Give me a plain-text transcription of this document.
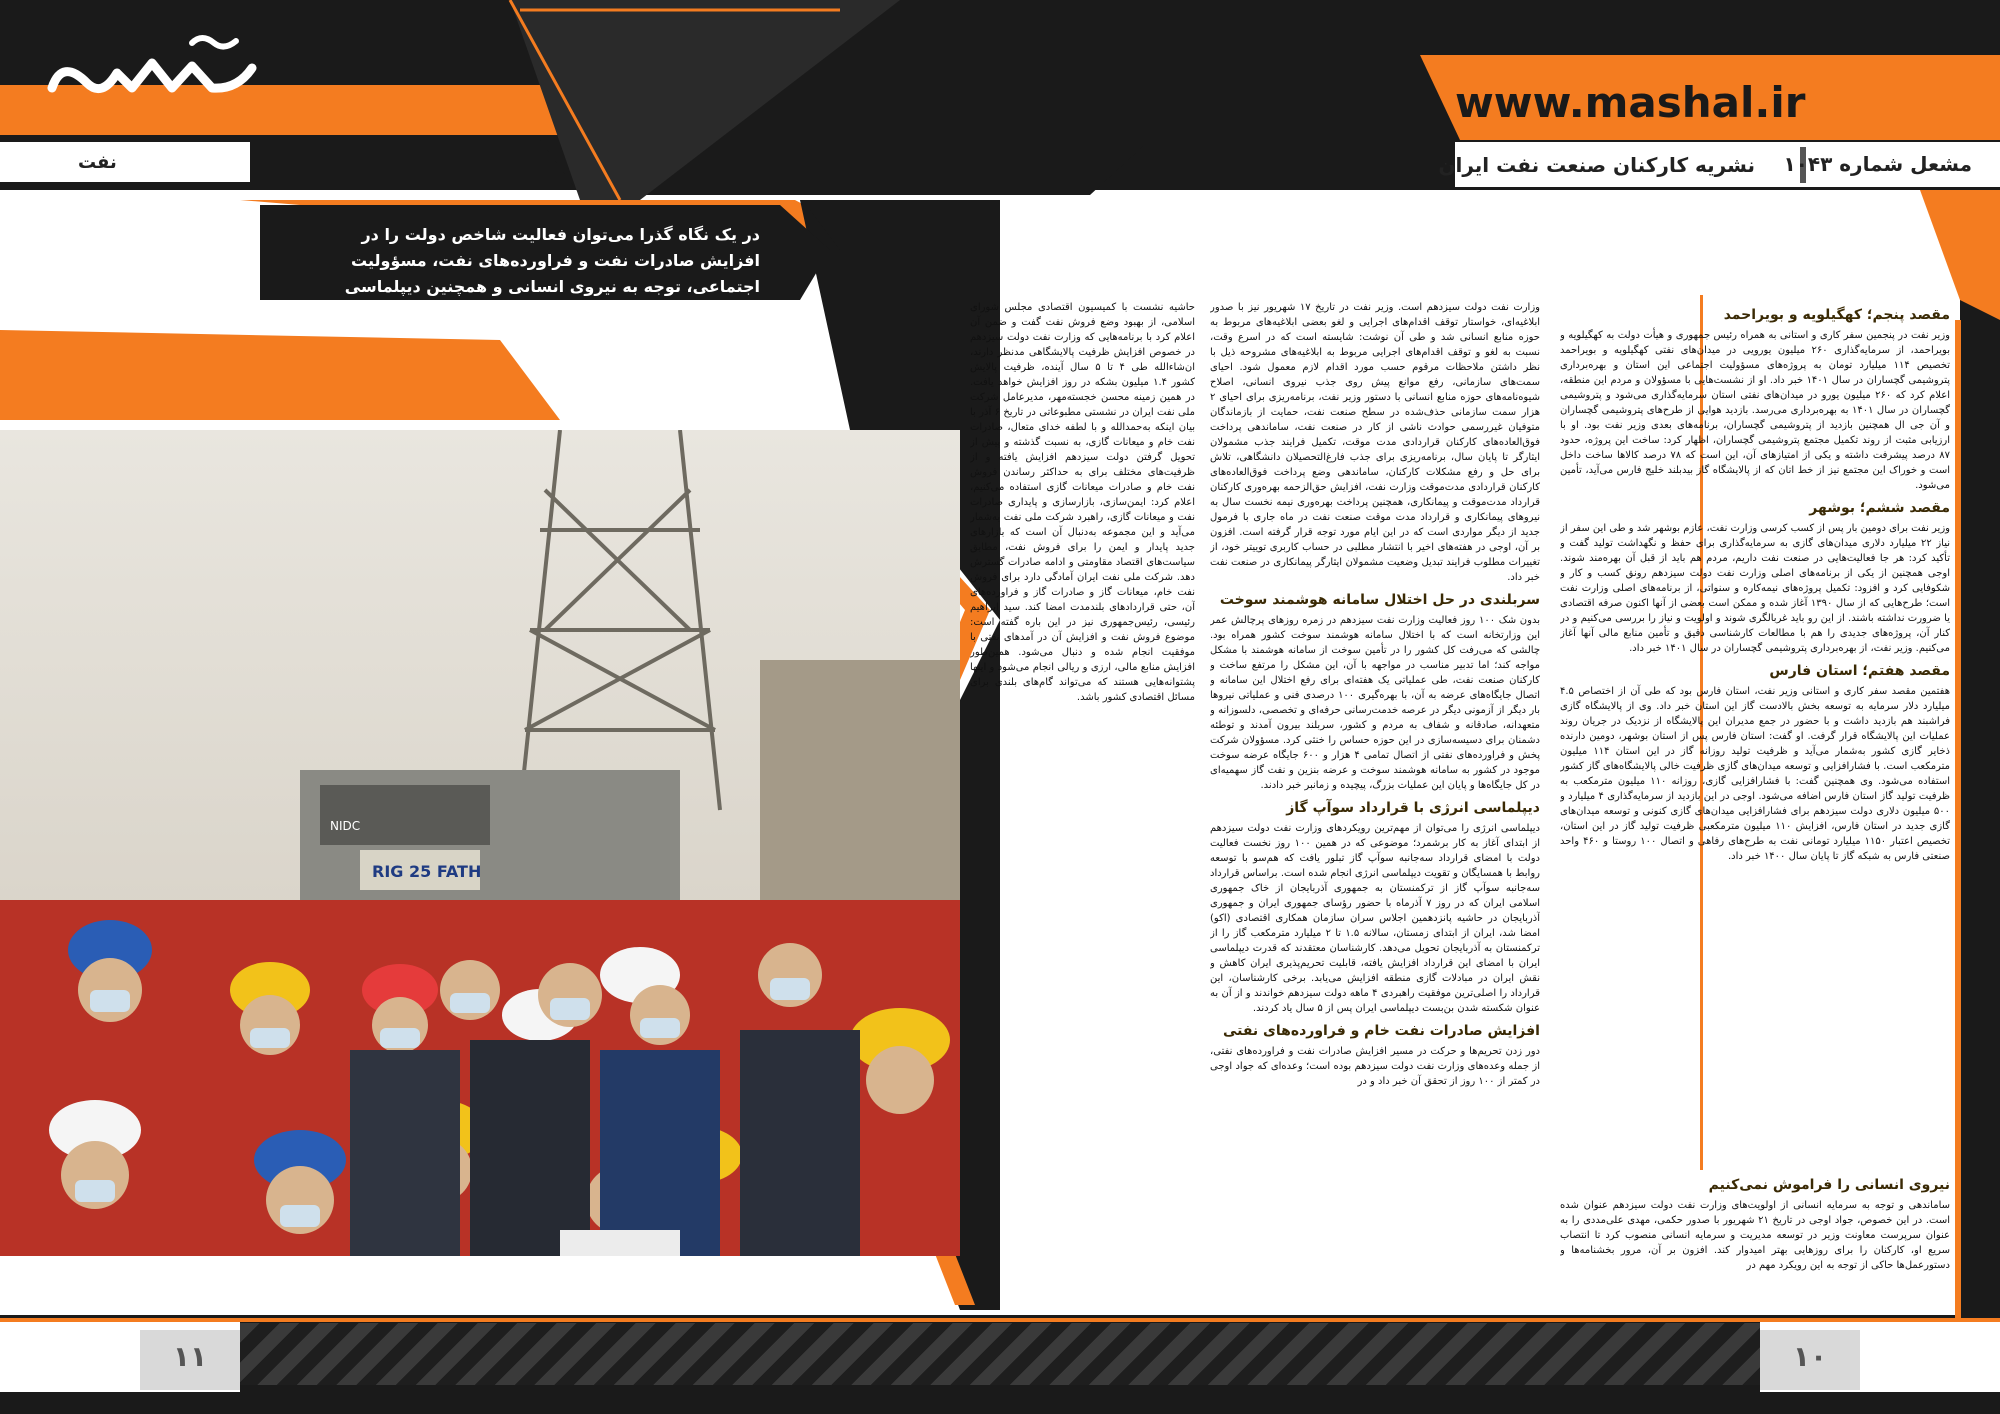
www.mashal.ir
مشعل شماره ۱۰۴۳
نشریه کارکنان صنعت نفت ایران
نفت
در یک نگاه گذرا می‌توان فعالیت شاخص دولت را در افزایش صادرات نفت و فراورده‌های نفت، مسؤولیت اجتماعی، توجه به نیروی انسانی و همچنین دیپلماسی انرژی قابل توجه خواند
RIG 25 FATH
NIDC
مقصد پنجم؛ کهگیلویه و بویراحمد

وزیر نفت در پنجمین سفر کاری و استانی به همراه رئیس جمهوری و هیأت دولت به کهگیلویه و بویراحمد، از سرمایه‌گذاری ۲۶۰ میلیون یورویی در میدان‌های نفتی کهگیلویه و بویراحمد تخصیص ۱۱۴ میلیارد تومان به پروژه‌های مسؤولیت اجتماعی این استان و بهره‌برداری پتروشیمی گچساران در سال ۱۴۰۱ خبر داد. او از نشست‌هایی با مسؤولان و مردم این منطقه، اعلام کرد که ۲۶۰ میلیون یورو در میدان‌های نفتی استان سرمایه‌گذاری می‌شود و پتروشیمی گچساران در سال ۱۴۰۱ به بهره‌برداری می‌رسد. بازدید هوایی از طرح‌های پتروشیمی گچساران و آن جی ال همچنین بازدید از پتروشیمی گچساران، برنامه‌های بعدی وزیر نفت بود. او با ارزیابی مثبت از روند تکمیل مجتمع پتروشیمی گچساران، اظهار کرد: ساخت این پروژه، حدود ۸۷ درصد پیشرفت داشته و یکی از امتیازهای آن، این است که ۷۸ درصد کالاها ساخت داخل است و خوراک این مجتمع نیز از خط اتان که از پالایشگاه گاز بیدبلند خلیج فارس می‌آید، تأمین می‌شود.

مقصد ششم؛ بوشهر

وزیر نفت برای دومین بار پس از کسب کرسی وزارت نفت، عازم بوشهر شد و طی این سفر از نیاز ۲۲ میلیارد دلاری میدان‌های گازی به سرمایه‌گذاری برای حفظ و نگهداشت تولید گفت و تأکید کرد: هر جا فعالیت‌هایی در صنعت نفت داریم، مردم هم باید از قبل آن بهره‌مند شوند. اوجی همچنین از یکی از برنامه‌های اصلی وزارت نفت دولت سیزدهم رونق کسب و کار و شکوفایی کرد و افزود: تکمیل پروژه‌های نیمه‌کاره و سنواتی، از برنامه‌های اصلی وزارت نفت است؛ طرح‌هایی که از سال ۱۳۹۰ آغاز شده و ممکن است بعضی از آنها اکنون صرفه اقتصادی یا ضرورت نداشته باشند. از این رو باید غربالگری شوند و اولویت و نیاز را بررسی می‌کنیم و در کنار آن، پروژه‌های جدیدی را هم با مطالعات کارشناسی دقیق و تأمین منابع مالی آنها آغاز می‌کنیم. وزیر نفت، از بهره‌برداری پتروشیمی گچساران در سال ۱۴۰۱ خبر داد.

مقصد هفتم؛ استان فارس

هفتمین مقصد سفر کاری و استانی وزیر نفت، استان فارس بود که طی آن از اختصاص ۴.۵ میلیارد دلار سرمایه به توسعه بخش بالادست گاز این استان خبر داد. وی از پالایشگاه گازی فراشبند هم بازدید داشت و با حضور در جمع مدیران این پالایشگاه از نزدیک در جریان روند عملیات این پالایشگاه قرار گرفت. او گفت: استان فارس پس از استان بوشهر، دومین دارنده ذخایر گازی کشور به‌شمار می‌آید و ظرفیت تولید روزانه گاز در این استان ۱۱۴ میلیون مترمکعب است. با فشارافزایی و توسعه میدان‌های گازی ظرفیت خالی پالایشگاه‌های گاز کشور استفاده می‌شود. وی همچنین گفت: با فشارافزایی گازی، روزانه ۱۱۰ میلیون مترمکعب به ظرفیت تولید گاز استان فارس اضافه می‌شود. اوجی در این بازدید از سرمایه‌گذاری ۴ میلیارد و ۵۰۰ میلیون دلاری دولت سیزدهم برای فشارافزایی میدان‌های گازی کنونی و توسعه میدان‌های گازی جدید در استان فارس، افزایش ۱۱۰ میلیون مترمکعبی ظرفیت تولید گاز در این استان، تخصیص اعتبار ۱۱۵۰ میلیارد تومانی نفت به طرح‌های رفاهی و اتصال ۱۰۰ روستا و ۴۶۰ واحد صنعتی فارس به شبکه گاز تا پایان سال ۱۴۰۰ خبر داد.

نیروی انسانی را فراموش نمی‌کنیم

ساماندهی و توجه به سرمایه انسانی از اولویت‌های وزارت نفت دولت سیزدهم عنوان شده است. در این خصوص، جواد اوجی در تاریخ ۲۱ شهریور با صدور حکمی، مهدی علی‌مددی را به عنوان سرپرست معاونت وزیر در توسعه مدیریت و سرمایه انسانی منصوب کرد تا انتصاب سریع او، کارکنان را برای روزهایی بهتر امیدوار کند. افزون بر آن، مرور بخشنامه‌ها و دستورعمل‌ها حاکی از توجه به این رویکرد مهم در

وزارت نفت دولت سیزدهم است. وزیر نفت در تاریخ ۱۷ شهریور نیز با صدور ابلاغیه‌ای، خواستار توقف اقدام‌های اجرایی و لغو بعضی ابلاغیه‌های مربوط به حوزه منابع انسانی شد و طی آن نوشت: شایسته است که در اسرع وقت، نسبت به لغو و توقف اقدام‌های اجرایی مربوط به ابلاغیه‌های مشروحه ذیل با نظر داشتن ملاحظات مرقوم حسب مورد اقدام لازم معمول شود. احیای سمت‌های سازمانی، رفع موانع پیش روی جذب نیروی انسانی، اصلاح شیوه‌نامه‌های حوزه منابع انسانی با دستور وزیر نفت، برنامه‌ریزی برای احیای ۲ هزار سمت سازمانی حذف‌شده در سطح صنعت نفت، حمایت از بازماندگان متوفیان غیررسمی حوادث ناشی از کار در صنعت نفت، ساماندهی پرداخت فوق‌العاده‌های کارکنان قراردادی مدت موقت، تکمیل فرایند جذب مشمولان ایثارگر تا پایان سال، برنامه‌ریزی برای جذب فارغ‌التحصیلان دانشگاهی، تلاش برای حل و رفع مشکلات کارکنان، ساماندهی وضع پرداخت فوق‌العاده‌های کارکنان قراردادی مدت‌موقت وزارت نفت، افزایش حق‌الزحمه بهره‌وری کارکنان قرارداد مدت‌موقت و پیمانکاری، همچنین پرداخت بهره‌وری نیمه نخست سال به نیروهای پیمانکاری و قرارداد مدت موقت صنعت نفت در ماه جاری با فرمول جدید از دیگر مواردی است که در این ایام مورد توجه قرار گرفته است. افزون بر آن، اوجی در هفته‌های اخیر با انتشار مطلبی در حساب کاربری توییتر خود، از تغییرات مطلوب فرایند تبدیل وضعیت مشمولان ایثارگر پیمانکاری در صنعت نفت خبر داد.

سربلندی در حل اختلال سامانه هوشمند سوخت

بدون شک ۱۰۰ روز فعالیت وزارت نفت سیزدهم در زمره روزهای پرچالش عمر این وزارتخانه است که با اختلال سامانه هوشمند سوخت کشور همراه بود. چالشی که می‌رفت کل کشور را در تأمین سوخت از سامانه هوشمند با مشکل مواجه کند؛ اما تدبیر مناسب در مواجهه با آن، این مشکل را مرتفع ساخت و کارکنان صنعت نفت، طی عملیاتی یک هفته‌ای برای رفع اختلال این سامانه و اتصال جایگاه‌های عرضه به آن، با بهره‌گیری ۱۰۰ درصدی فنی و عملیاتی نیروها بار دیگر از آزمونی دیگر در عرصه خدمت‌رسانی حرفه‌ای و تخصصی، دلسوزانه و متعهدانه، صادقانه و شفاف به مردم و کشور، سربلند بیرون آمدند و توطئه دشمنان برای دسیسه‌سازی در این حوزه حساس را خنثی کرد. مسؤولان شرکت پخش و فراورده‌های نفتی از اتصال تمامی ۴ هزار و ۶۰۰ جایگاه عرضه سوخت موجود در کشور به سامانه هوشمند سوخت و عرضه بنزین و نفت گاز سهمیه‌ای در کل جایگاه‌ها و پایان این عملیات بزرگ، پیچیده و زمانبر خبر دادند.

دیپلماسی انرژی با قرارداد سوآپ گاز

دیپلماسی انرژی را می‌توان از مهم‌ترین رویکردهای وزارت نفت دولت سیزدهم از ابتدای آغاز به کار برشمرد؛ موضوعی که در همین ۱۰۰ روز نخست فعالیت دولت با امضای قرارداد سه‌جانبه سوآپ گاز تبلور یافت که هم‌سو با توسعه روابط با همسایگان و تقویت دیپلماسی انرژی انجام شده است. براساس قرارداد سه‌جانبه سوآپ گاز از ترکمنستان به جمهوری آذربایجان از خاک جمهوری اسلامی ایران که در روز ۷ آذرماه با حضور رؤسای جمهوری ایران و جمهوری آذربایجان در حاشیه پانزدهمین اجلاس سران سازمان همکاری اقتصادی (اکو) امضا شد، ایران از ابتدای زمستان، سالانه ۱.۵ تا ۲ میلیارد مترمکعب گاز را از ترکمنستان به آذربایجان تحویل می‌دهد. کارشناسان معتقدند که قدرت دیپلماسی ایران با امضای این قرارداد افزایش یافته، قابلیت تحریم‌پذیری ایران کاهش و نقش ایران در مبادلات گازی منطقه افزایش می‌یابد. برخی کارشناسان، این قرارداد را اصلی‌ترین موفقیت راهبردی ۴ ماهه دولت سیزدهم خواندند و از آن به عنوان شکسته شدن بن‌بست دیپلماسی ایران پس از ۵ سال یاد کردند.

افزایش صادرات نفت خام و فراورده‌های نفتی

دور زدن تحریم‌ها و حرکت در مسیر افزایش صادرات نفت و فراورده‌های نفتی، از جمله وعده‌های وزارت نفت دولت سیزدهم بوده است؛ وعده‌ای که جواد اوجی در کمتر از ۱۰۰ روز از تحقق آن خبر داد و در

حاشیه نشست با کمیسیون اقتصادی مجلس شورای اسلامی، از بهبود وضع فروش نفت گفت و ضمن آن اعلام کرد با برنامه‌هایی که وزارت نفت دولت سیزدهم در خصوص افزایش ظرفیت پالایشگاهی مدنظر دارند، ان‌شاءالله طی ۴ تا ۵ سال آینده، ظرفیت پالایش کشور ۱.۴ میلیون بشکه در روز افزایش خواهد یافت. در همین زمینه محسن خجسته‌مهر، مدیرعامل شرکت ملی نفت ایران در نشستی مطبوعاتی در تاریخ ۶ آذر با بیان اینکه به‌حمدالله و با لطفه خدای متعال، صادرات نفت خام و میعانات گازی، به نسبت گذشته و پیش از تحویل گرفتن دولت سیزدهم افزایش یافته و از ظرفیت‌های مختلف برای به حداکثر رساندن فروش نفت خام و صادرات میعانات گازی استفاده می‌کنیم، اعلام کرد: ایمن‌سازی، بازارسازی و پایداری صادرات نفت و میعانات گازی، راهبرد شرکت ملی نفت به‌شمار می‌آید و این مجموعه به‌دنبال آن است که بازارهای جدید پایدار و ایمن را برای فروش نفت، مطابق سیاست‌های اقتصاد مقاومتی و ادامه صادرات گسترش دهد. شرکت ملی نفت ایران آمادگی دارد برای فروش نفت خام، میعانات گاز و صادرات گاز و فراورده‌های آن، حتی قراردادهای بلندمدت امضا کند. سید ابراهیم رئیسی، رئیس‌جمهوری نیز در این باره گفته است: موضوع فروش نفت و افزایش آن در آمدهای نفتی با موفقیت انجام شده و دنبال می‌شود. همین‌طور افزایش منابع مالی، ارزی و ریالی انجام می‌شود و اینها پشتوانه‌هایی هستند که می‌تواند گام‌های بلندی برای مسائل اقتصادی کشور باشد.

۱۱	۱۰
